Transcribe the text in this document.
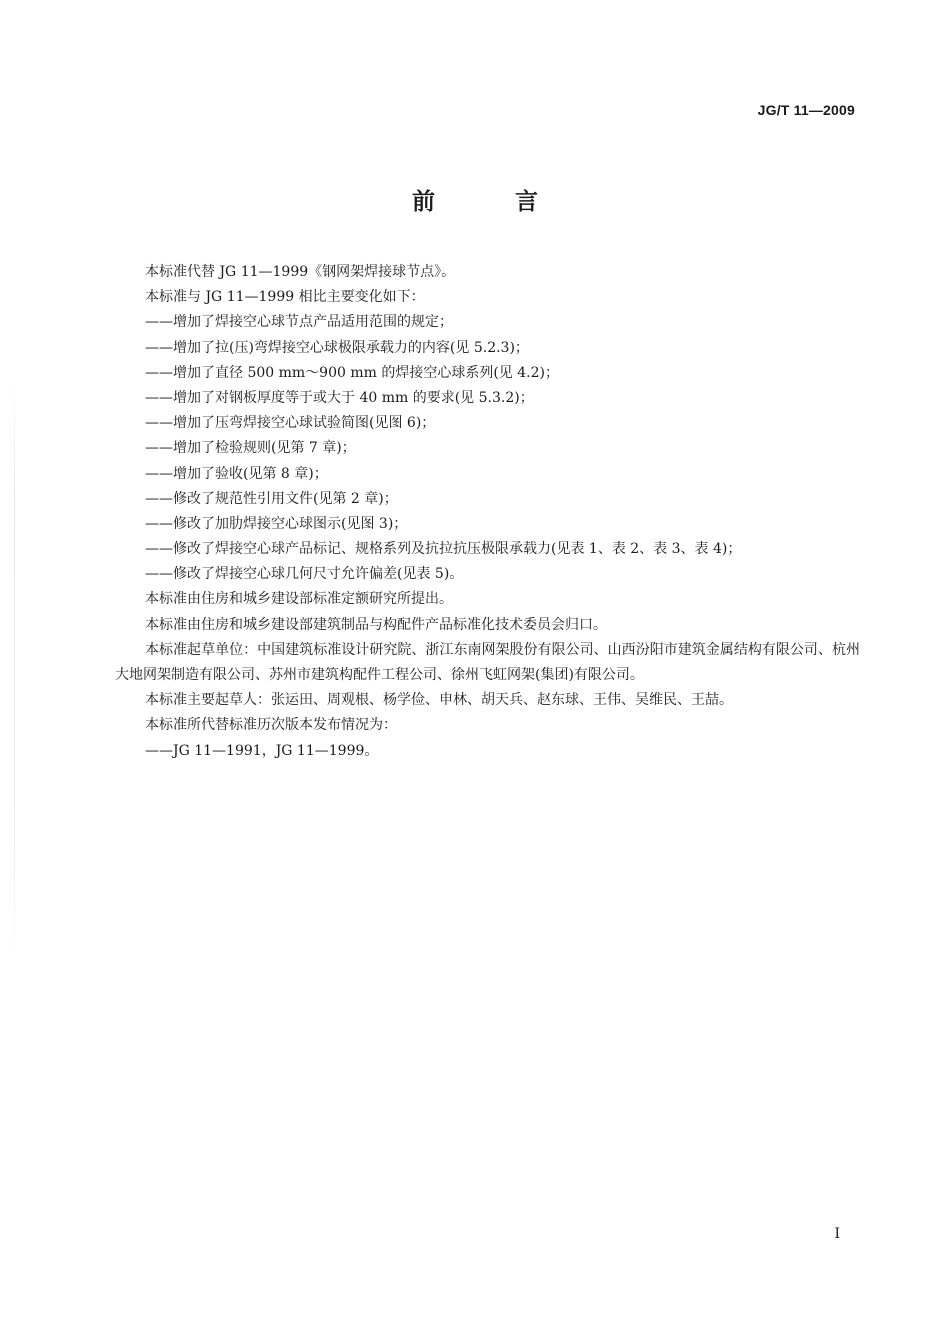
JG/T 11—2009
前 言
本标准代替 JG 11—1999《钢网架焊接球节点》。
本标准与 JG 11—1999 相比主要变化如下：
——增加了焊接空心球节点产品适用范围的规定；
——增加了拉(压)弯焊接空心球极限承载力的内容(见 5.2.3)；
——增加了直径 500 mm～900 mm 的焊接空心球系列(见 4.2)；
——增加了对钢板厚度等于或大于 40 mm 的要求(见 5.3.2)；
——增加了压弯焊接空心球试验简图(见图 6)；
——增加了检验规则(见第 7 章)；
——增加了验收(见第 8 章)；
——修改了规范性引用文件(见第 2 章)；
——修改了加肋焊接空心球图示(见图 3)；
——修改了焊接空心球产品标记、规格系列及抗拉抗压极限承载力(见表 1、表 2、表 3、表 4)；
——修改了焊接空心球几何尺寸允许偏差(见表 5)。
本标准由住房和城乡建设部标准定额研究所提出。
本标准由住房和城乡建设部建筑制品与构配件产品标准化技术委员会归口。
本标准起草单位：中国建筑标准设计研究院、浙江东南网架股份有限公司、山西汾阳市建筑金属结构有限公司、杭州大地网架制造有限公司、苏州市建筑构配件工程公司、徐州飞虹网架(集团)有限公司。
本标准主要起草人：张运田、周观根、杨学俭、申林、胡天兵、赵东球、王伟、吴维民、王喆。
本标准所代替标准历次版本发布情况为：
——JG 11—1991，JG 11—1999。
I
